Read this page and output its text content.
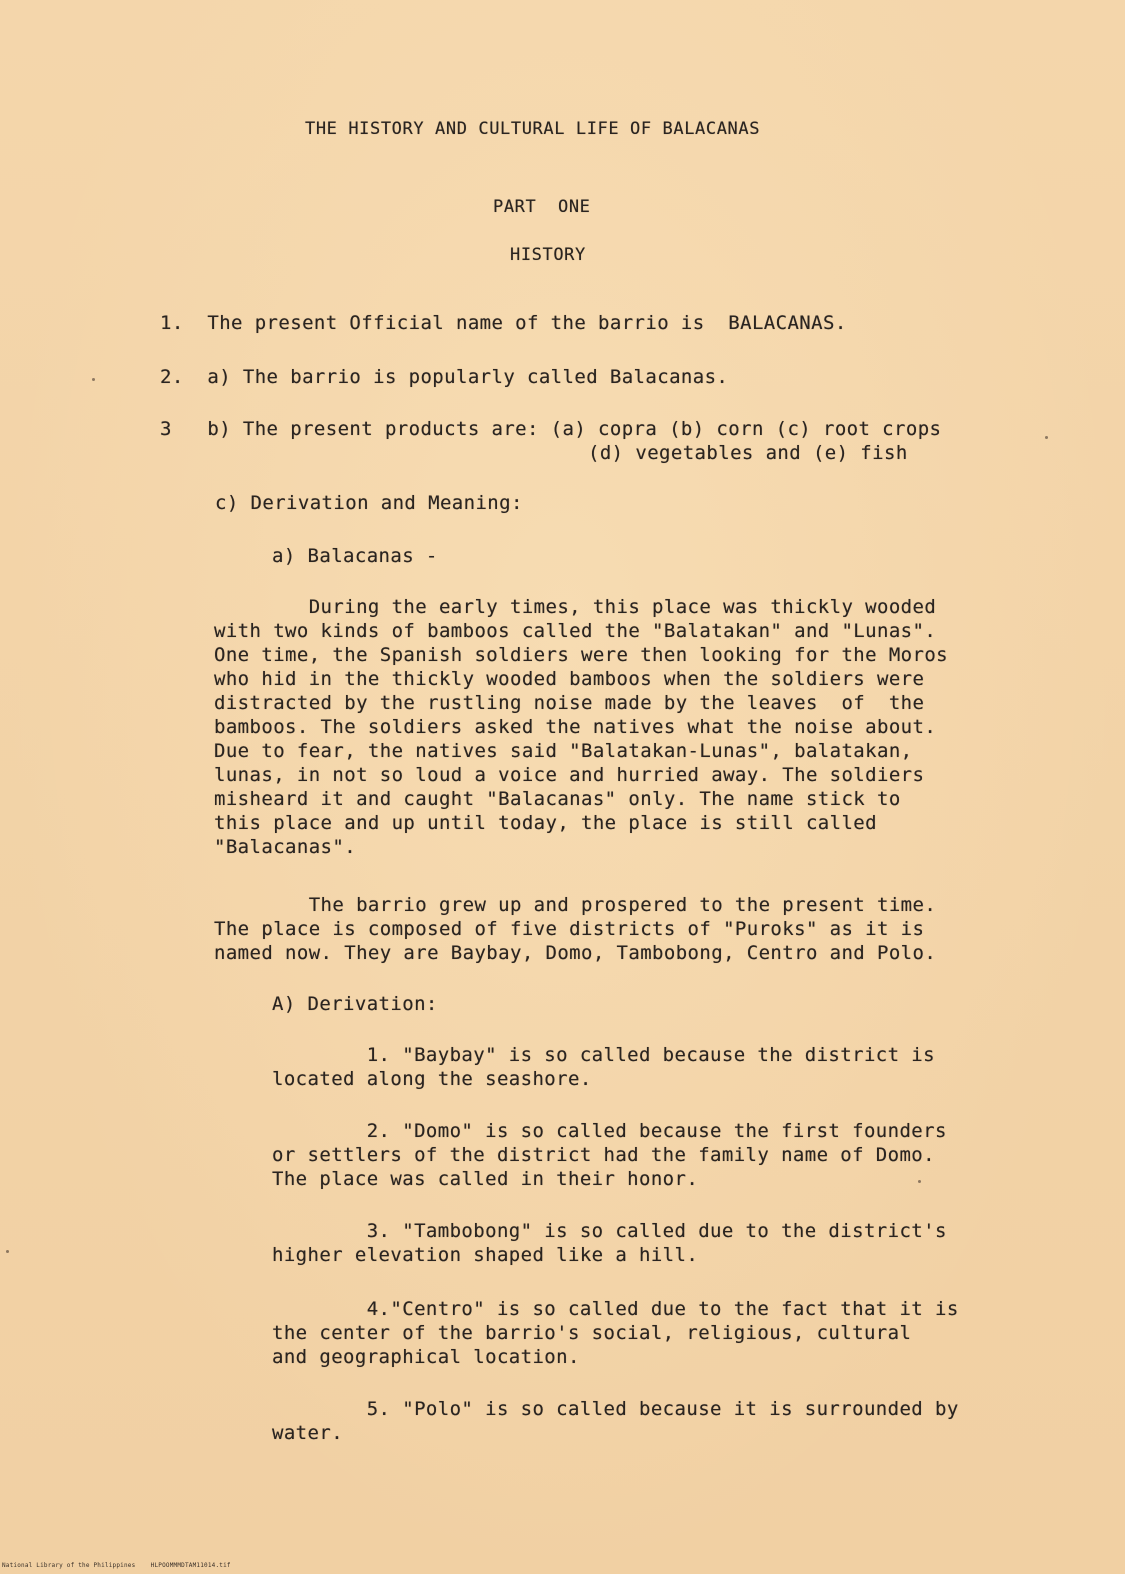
THE HISTORY AND CULTURAL LIFE OF BALACANAS
PART  ONE
HISTORY
1.  The present Official name of the barrio is  BALACANAS.
2.  a) The barrio is popularly called Balacanas.
3   b) The present products are: (a) copra (b) corn (c) root crops
(d) vegetables and (e) fish
c) Derivation and Meaning:
a) Balacanas -
During the early times, this place was thickly wooded
with two kinds of bamboos called the "Balatakan" and "Lunas".
One time, the Spanish soldiers were then looking for the Moros
who hid in the thickly wooded bamboos when the soldiers were
distracted by the rustling noise made by the leaves  of  the
bamboos. The soldiers asked the natives what the noise about.
Due to fear, the natives said "Balatakan-Lunas", balatakan,
lunas, in not so loud a voice and hurried away. The soldiers
misheard it and caught "Balacanas" only. The name stick to
this place and up until today, the place is still called
"Balacanas".
The barrio grew up and prospered to the present time.
The place is composed of five districts of "Puroks" as it is
named now. They are Baybay, Domo, Tambobong, Centro and Polo.
A) Derivation:
1. "Baybay" is so called because the district is
located along the seashore.
2. "Domo" is so called because the first founders
or settlers of the district had the family name of Domo.
The place was called in their honor.
3. "Tambobong" is so called due to the district's
higher elevation shaped like a hill.
4."Centro" is so called due to the fact that it is
the center of the barrio's social, religious, cultural
and geographical location.
5. "Polo" is so called because it is surrounded by
water.
National Library of the Philippines    HLPOOMMMDTAM11014.tif
